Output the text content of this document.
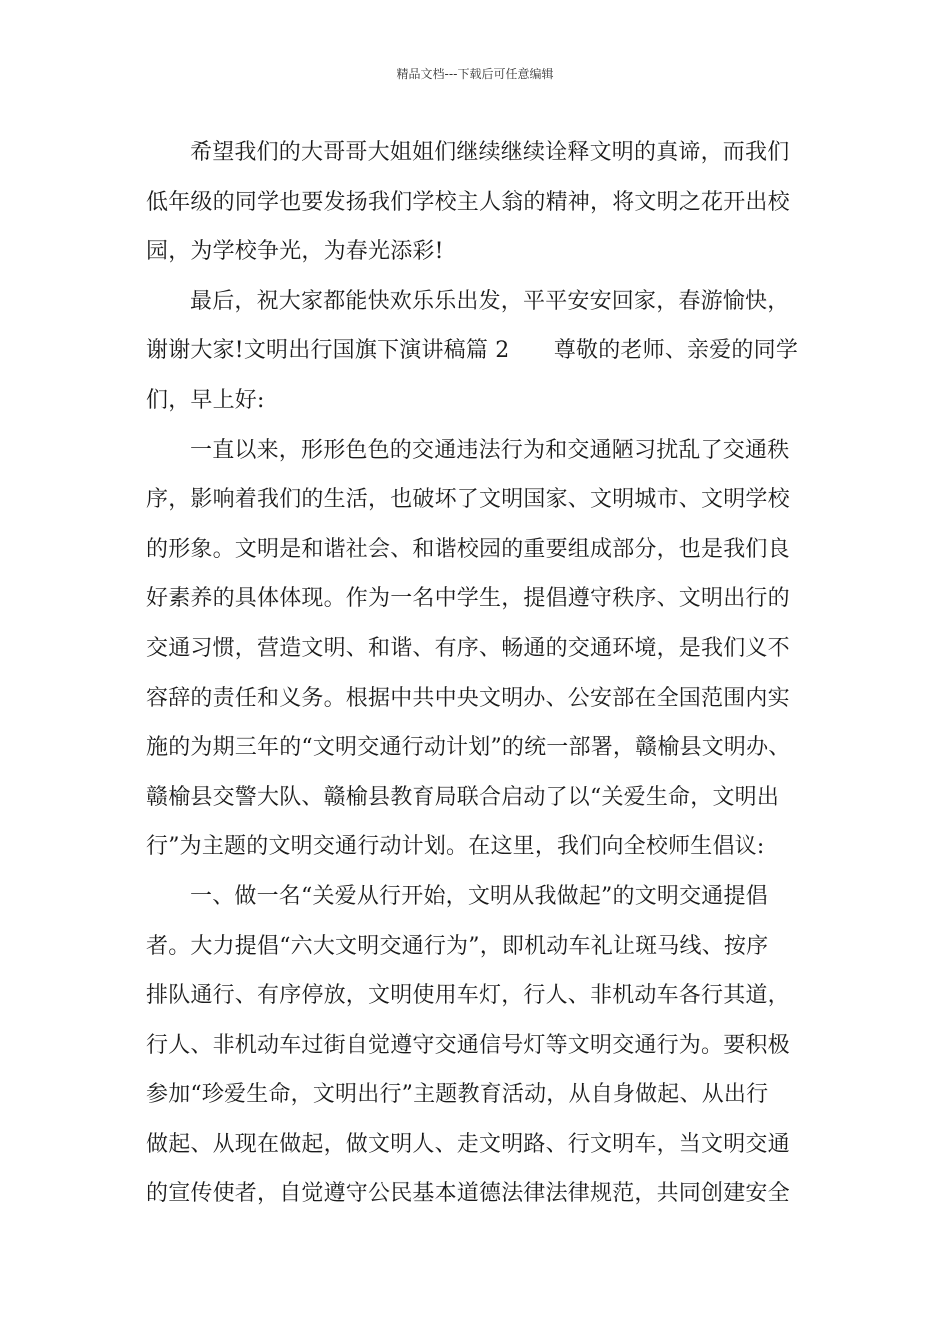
精品文档---下载后可任意编辑
希望我们的大哥哥大姐姐们继续继续诠释文明的真谛，而我们
低年级的同学也要发扬我们学校主人翁的精神，将文明之花开出校
园，为学校争光，为春光添彩!
最后，祝大家都能快欢乐乐出发，平平安安回家，春游愉快，
谢谢大家!文明出行国旗下演讲稿篇 2　　尊敬的老师、亲爱的同学
们，早上好:
一直以来，形形色色的交通违法行为和交通陋习扰乱了交通秩
序，影响着我们的生活，也破坏了文明国家、文明城市、文明学校
的形象。文明是和谐社会、和谐校园的重要组成部分，也是我们良
好素养的具体体现。作为一名中学生，提倡遵守秩序、文明出行的
交通习惯，营造文明、和谐、有序、畅通的交通环境，是我们义不
容辞的责任和义务。根据中共中央文明办、公安部在全国范围内实
施的为期三年的“文明交通行动计划”的统一部署，赣榆县文明办、
赣榆县交警大队、赣榆县教育局联合启动了以“关爱生命，文明出
行”为主题的文明交通行动计划。在这里，我们向全校师生倡议:
一、做一名“关爱从行开始，文明从我做起”的文明交通提倡
者。大力提倡“六大文明交通行为”，即机动车礼让斑马线、按序
排队通行、有序停放，文明使用车灯，行人、非机动车各行其道，
行人、非机动车过街自觉遵守交通信号灯等文明交通行为。要积极
参加“珍爱生命，文明出行”主题教育活动，从自身做起、从出行
做起、从现在做起，做文明人、走文明路、行文明车，当文明交通
的宣传使者，自觉遵守公民基本道德法律法律规范，共同创建安全
